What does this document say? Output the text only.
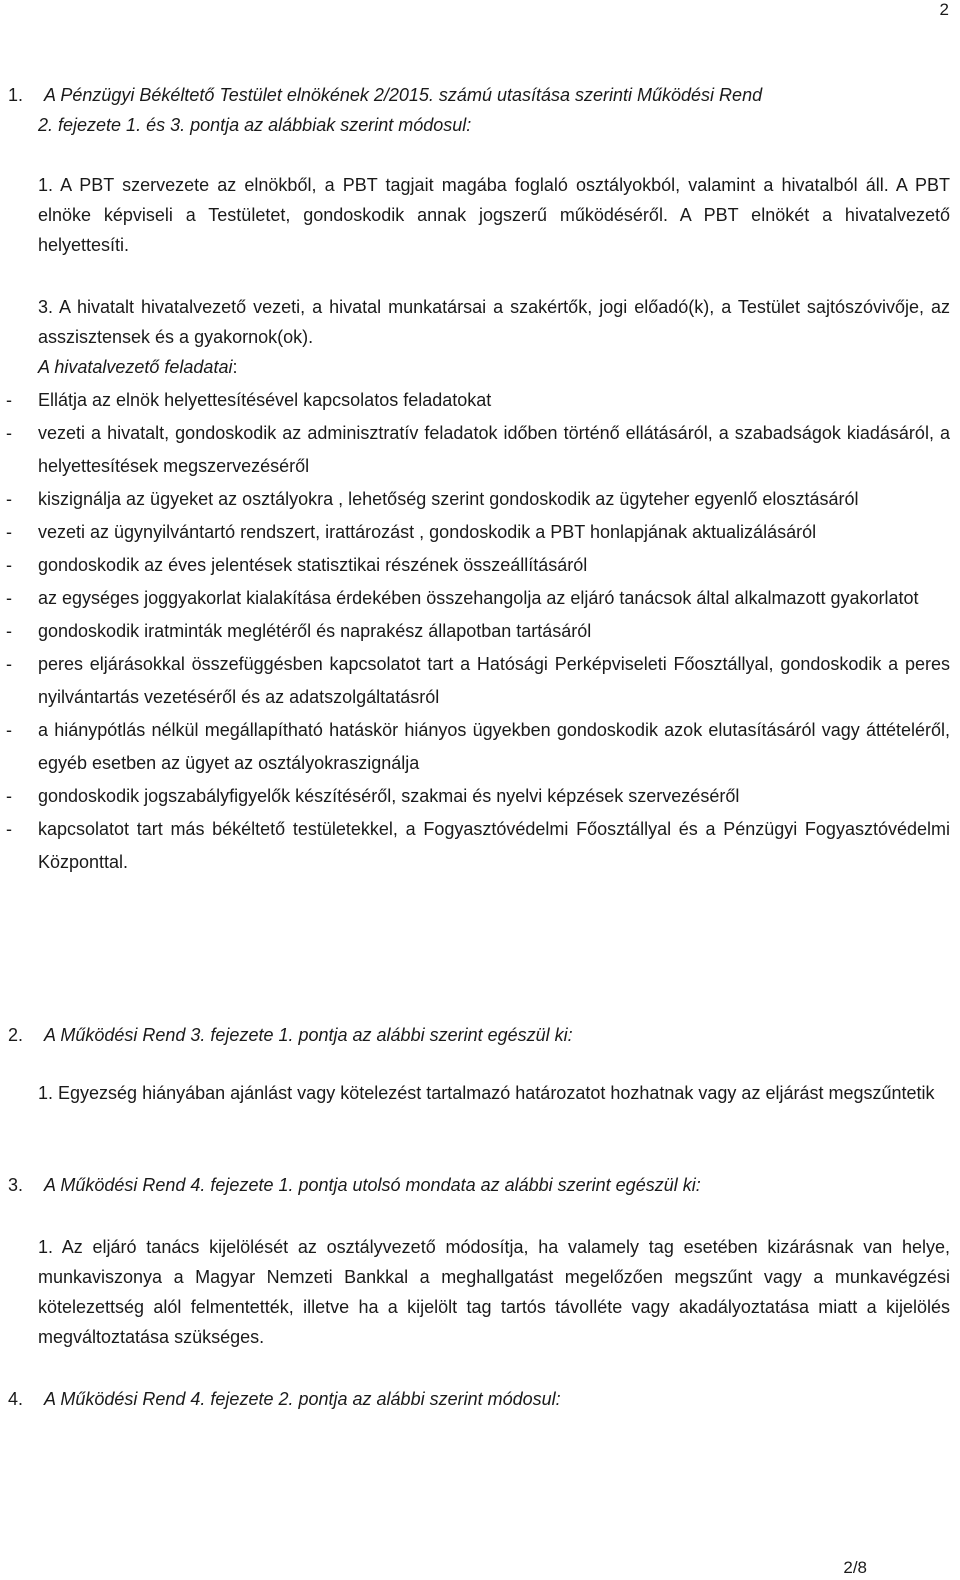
2
1. A Pénzügyi Békéltető Testület elnökének 2/2015. számú utasítása szerinti Működési Rend
2. fejezete 1. és 3. pontja az alábbiak szerint módosul:
1. A PBT szervezete az elnökből, a PBT tagjait magába foglaló osztályokból, valamint a hivatalból áll. A PBT elnöke képviseli a Testületet, gondoskodik annak jogszerű működéséről. A PBT elnökét a hivatalvezető helyettesíti.
3. A hivatalt hivatalvezető vezeti, a hivatal munkatársai a szakértők, jogi előadó(k), a Testület sajtószóvivője, az asszisztensek és a gyakornok(ok).
A hivatalvezető feladatai:
- Ellátja az elnök helyettesítésével kapcsolatos feladatokat
- vezeti a hivatalt, gondoskodik az adminisztratív feladatok időben történő ellátásáról, a szabadságok kiadásáról, a helyettesítések megszervezéséről
- kiszignálja az ügyeket az osztályokra , lehetőség szerint gondoskodik az ügyteher egyenlő elosztásáról
- vezeti az ügynyilvántartó rendszert, irattározást , gondoskodik a PBT honlapjának aktualizálásáról
- gondoskodik az éves jelentések statisztikai részének összeállításáról
- az egységes joggyakorlat kialakítása érdekében összehangolja az eljáró tanácsok által alkalmazott gyakorlatot
- gondoskodik iratminták meglétéről és naprakész állapotban tartásáról
- peres eljárásokkal összefüggésben kapcsolatot tart a Hatósági Perképviseleti Főosztállyal, gondoskodik a peres nyilvántartás vezetéséről és az adatszolgáltatásról
- a hiánypótlás nélkül megállapítható hatáskör hiányos ügyekben gondoskodik azok elutasításáról vagy áttételéről, egyéb esetben az ügyet az osztályokraszignálja
- gondoskodik jogszabályfigyelők készítéséről, szakmai és nyelvi képzések szervezéséről
- kapcsolatot tart más békéltető testületekkel, a Fogyasztóvédelmi Főosztállyal és a Pénzügyi Fogyasztóvédelmi Központtal.
2. A Működési Rend 3. fejezete 1. pontja az alábbi szerint egészül ki:
1. Egyezség hiányában ajánlást vagy kötelezést tartalmazó határozatot hozhatnak vagy az eljárást megszűntetik
3. A Működési Rend 4. fejezete 1. pontja utolsó mondata az alábbi szerint egészül ki:
1. Az eljáró tanács kijelölését az osztályvezető módosítja, ha valamely tag esetében kizárásnak van helye, munkaviszonya a Magyar Nemzeti Bankkal a meghallgatást megelőzően megszűnt vagy a munkavégzési kötelezettség alól felmentették, illetve ha a kijelölt tag tartós távolléte vagy akadályoztatása miatt a kijelölés megváltoztatása szükséges.
4. A Működési Rend 4. fejezete 2. pontja az alábbi szerint módosul:
2/8
